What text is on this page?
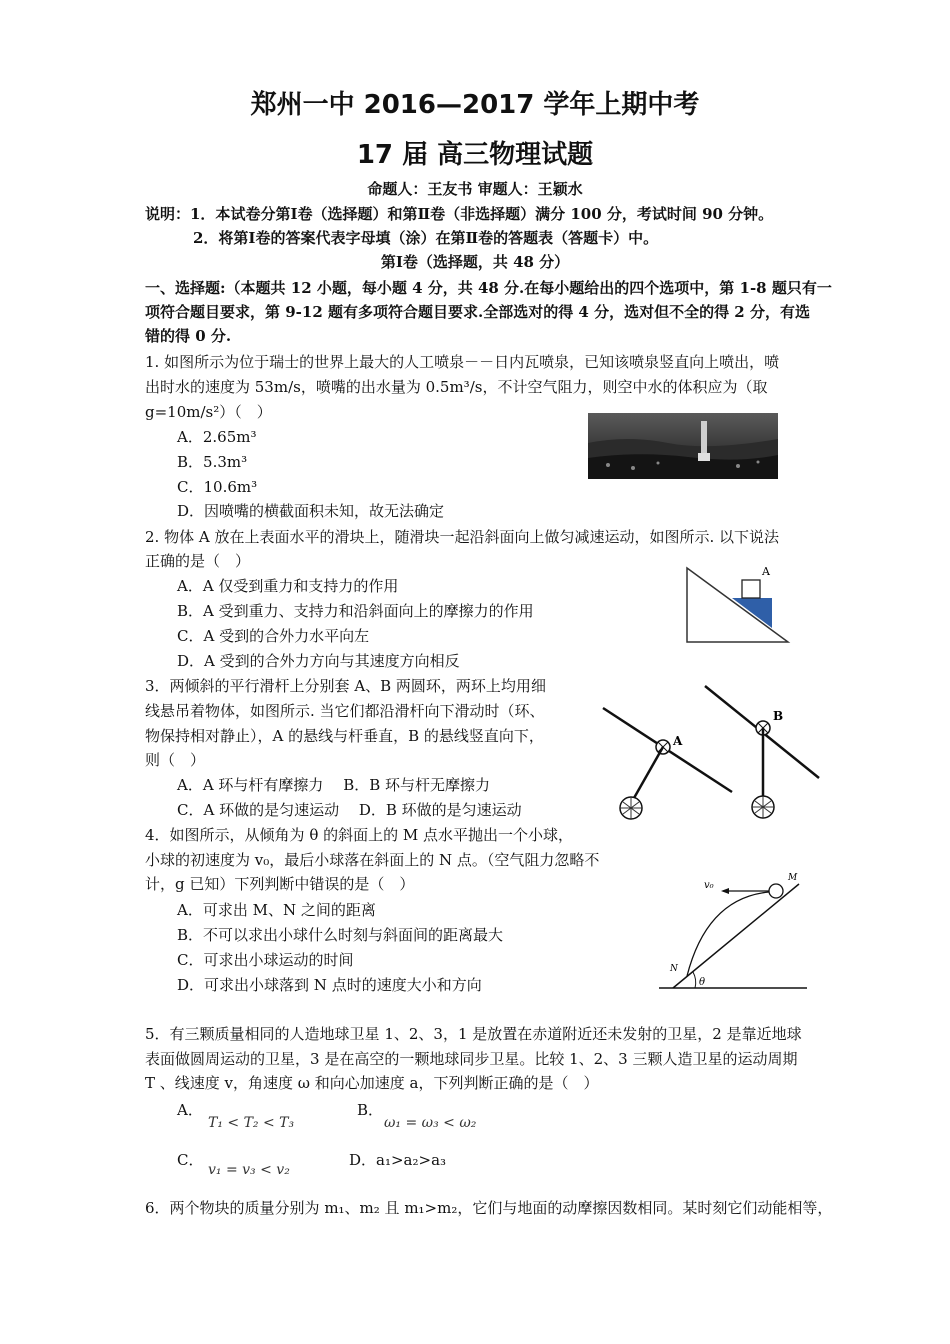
郑州一中 2016—2017 学年上期中考
17 届 高三物理试题
命题人：王友书 审题人：王颖水
说明：1．本试卷分第Ⅰ卷（选择题）和第Ⅱ卷（非选择题）满分 100 分，考试时间 90 分钟。
2．将第Ⅰ卷的答案代表字母填（涂）在第Ⅱ卷的答题表（答题卡）中。
第Ⅰ卷（选择题，共 48 分）
一、选择题:（本题共 12 小题，每小题 4 分，共 48 分.在每小题给出的四个选项中，第 1-8 题只有一
项符合题目要求，第 9-12 题有多项符合题目要求.全部选对的得 4 分，选对但不全的得 2 分，有选
错的得 0 分.
1. 如图所示为位于瑞士的世界上最大的人工喷泉－－日内瓦喷泉，已知该喷泉竖直向上喷出，喷
出时水的速度为 53m/s，喷嘴的出水量为 0.5m³/s，不计空气阻力，则空中水的体积应为（取
g=10m/s²）（　）
A．2.65m³
B．5.3m³
C．10.6m³
D．因喷嘴的横截面积未知，故无法确定
2. 物体 A 放在上表面水平的滑块上，随滑块一起沿斜面向上做匀减速运动，如图所示. 以下说法
正确的是（　）
A．A 仅受到重力和支持力的作用
B．A 受到重力、支持力和沿斜面向上的摩擦力的作用
C．A 受到的合外力水平向左
D．A 受到的合外力方向与其速度方向相反
A
3．两倾斜的平行滑杆上分别套 A、B 两圆环，两环上均用细
线悬吊着物体，如图所示. 当它们都沿滑杆向下滑动时（环、
物保持相对静止），A 的悬线与杆垂直，B 的悬线竖直向下，
则（　）
A．A 环与杆有摩擦力　 B．B 环与杆无摩擦力
C．A 环做的是匀速运动　 D．B 环做的是匀速运动
A
B
4．如图所示，从倾角为 θ 的斜面上的 M 点水平抛出一个小球，
小球的初速度为 v₀，最后小球落在斜面上的 N 点。（空气阻力忽略不
计，g 已知）下列判断中错误的是（　）
A．可求出 M、N 之间的距离
B．不可以求出小球什么时刻与斜面间的距离最大
C．可求出小球运动的时间
D．可求出小球落到 N 点时的速度大小和方向
v₀
M
N
θ
5．有三颗质量相同的人造地球卫星 1、2、3，1 是放置在赤道附近还未发射的卫星，2 是靠近地球
表面做圆周运动的卫星，3 是在高空的一颗地球同步卫星。比较 1、2、3 三颗人造卫星的运动周期
T 、线速度 v，角速度 ω 和向心加速度 a，下列判断正确的是（　）
A．
T₁ < T₂ < T₃
B．
ω₁ = ω₃ < ω₂
C．
v₁ = v₃ < v₂
D．a₁>a₂>a₃
6．两个物块的质量分别为 m₁、m₂ 且 m₁>m₂，它们与地面的动摩擦因数相同。某时刻它们动能相等，
